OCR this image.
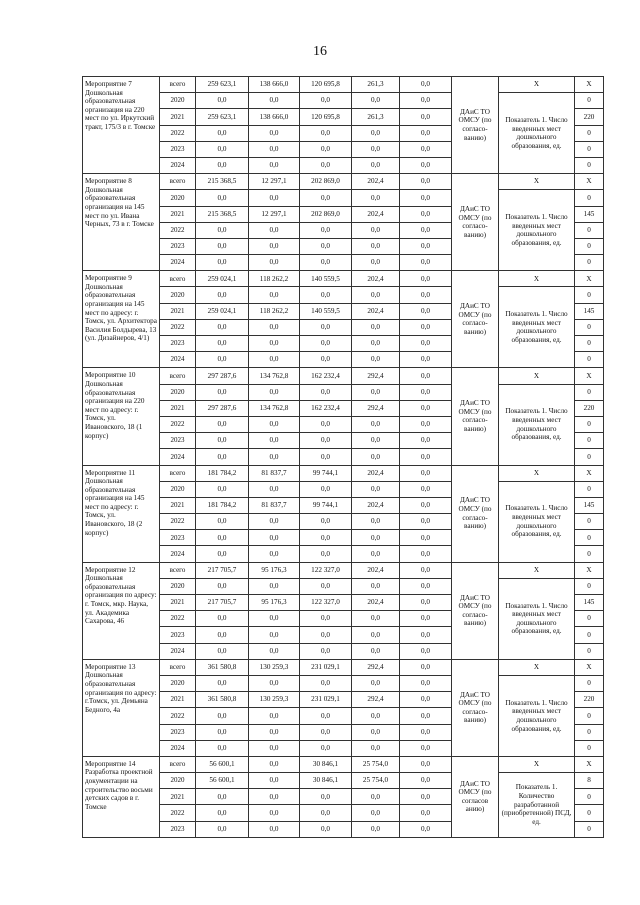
16
Мероприятие 7 Дошкольная образовательная организация на 220 мест по ул. Иркутский тракт, 175/3 в г. Томске	всего	259 623,1	138 666,0	120 695,8	261,3	0,0	ДАиС ТО ОМСУ (по согласо-ванию)	X	X
	2020	0,0	0,0	0,0	0,0	0,0		Показатель 1. Число введенных мест дошкольного образования, ед.	0
	2021	259 623,1	138 666,0	120 695,8	261,3	0,0			220
	2022	0,0	0,0	0,0	0,0	0,0			0
	2023	0,0	0,0	0,0	0,0	0,0			0
	2024	0,0	0,0	0,0	0,0	0,0			0
Мероприятие 8 Дошкольная образовательная организация на 145 мест по ул. Ивана Черных, 73 в г. Томске	всего	215 368,5	12 297,1	202 869,0	202,4	0,0	ДАиС ТО ОМСУ (по согласо-ванию)	X	X
	2020	0,0	0,0	0,0	0,0	0,0		Показатель 1. Число введенных мест дошкольного образования, ед.	0
	2021	215 368,5	12 297,1	202 869,0	202,4	0,0			145
	2022	0,0	0,0	0,0	0,0	0,0			0
	2023	0,0	0,0	0,0	0,0	0,0			0
	2024	0,0	0,0	0,0	0,0	0,0			0
Мероприятие 9 Дошкольная образовательная организация на 145 мест по адресу: г. Томск, ул. Архитектора Василия Болдырева, 13 (ул. Дизайнеров, 4/1)	всего	259 024,1	118 262,2	140 559,5	202,4	0,0	ДАиС ТО ОМСУ (по согласо-ванию)	X	X
	2020	0,0	0,0	0,0	0,0	0,0		Показатель 1. Число введенных мест дошкольного образования, ед.	0
	2021	259 024,1	118 262,2	140 559,5	202,4	0,0			145
	2022	0,0	0,0	0,0	0,0	0,0			0
	2023	0,0	0,0	0,0	0,0	0,0			0
	2024	0,0	0,0	0,0	0,0	0,0			0
Мероприятие 10 Дошкольная образовательная организация на 220 мест по адресу: г. Томск, ул. Ивановского, 18 (1 корпус)	всего	297 287,6	134 762,8	162 232,4	292,4	0,0	ДАиС ТО ОМСУ (по согласо-ванию)	X	X
	2020	0,0	0,0	0,0	0,0	0,0		Показатель 1. Число введенных мест дошкольного образования, ед.	0
	2021	297 287,6	134 762,8	162 232,4	292,4	0,0			220
	2022	0,0	0,0	0,0	0,0	0,0			0
	2023	0,0	0,0	0,0	0,0	0,0			0
	2024	0,0	0,0	0,0	0,0	0,0			0
Мероприятие 11 Дошкольная образовательная организация на 145 мест по адресу: г. Томск, ул. Ивановского, 18 (2 корпус)	всего	181 784,2	81 837,7	99 744,1	202,4	0,0	ДАиС ТО ОМСУ (по согласо-ванию)	X	X
	2020	0,0	0,0	0,0	0,0	0,0		Показатель 1. Число введенных мест дошкольного образования, ед.	0
	2021	181 784,2	81 837,7	99 744,1	202,4	0,0			145
	2022	0,0	0,0	0,0	0,0	0,0			0
	2023	0,0	0,0	0,0	0,0	0,0			0
	2024	0,0	0,0	0,0	0,0	0,0			0
Мероприятие 12 Дошкольная образовательная организация по адресу: г. Томск, мкр. Наука, ул. Академика Сахарова, 46	всего	217 705,7	95 176,3	122 327,0	202,4	0,0	ДАиС ТО ОМСУ (по согласо-ванию)	X	X
	2020	0,0	0,0	0,0	0,0	0,0		Показатель 1. Число введенных мест дошкольного образования, ед.	0
	2021	217 705,7	95 176,3	122 327,0	202,4	0,0			145
	2022	0,0	0,0	0,0	0,0	0,0			0
	2023	0,0	0,0	0,0	0,0	0,0			0
	2024	0,0	0,0	0,0	0,0	0,0			0
Мероприятие 13 Дошкольная образовательная организация по адресу: г.Томск, ул. Демьяна Бедного, 4а	всего	361 580,8	130 259,3	231 029,1	292,4	0,0	ДАиС ТО ОМСУ (по согласо-ванию)	X	X
	2020	0,0	0,0	0,0	0,0	0,0		Показатель 1. Число введенных мест дошкольного образования, ед.	0
	2021	361 580,8	130 259,3	231 029,1	292,4	0,0			220
	2022	0,0	0,0	0,0	0,0	0,0			0
	2023	0,0	0,0	0,0	0,0	0,0			0
	2024	0,0	0,0	0,0	0,0	0,0			0
Мероприятие 14 Разработка проектной документации на строительство восьми детских садов в г. Томске	всего	56 600,1	0,0	30 846,1	25 754,0	0,0	ДАиС ТО ОМСУ (по согласов анию)	X	X
	2020	56 600,1	0,0	30 846,1	25 754,0	0,0		Показатель 1. Количество разработанной (приобретенной) ПСД, ед.	8
	2021	0,0	0,0	0,0	0,0	0,0			0
	2022	0,0	0,0	0,0	0,0	0,0			0
	2023	0,0	0,0	0,0	0,0	0,0			0
